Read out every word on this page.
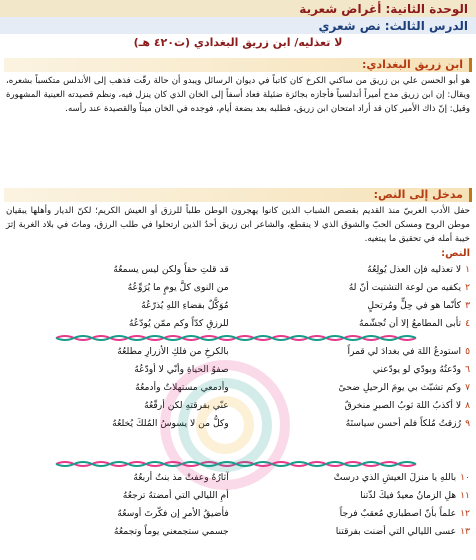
الوحدة الثانية: أغراض شعرية
الدرس الثالث: نص شعري
لا تعذليه/ ابن زريق البغدادي (ت٤٢٠ هـ)
ابن زريق البغدادي:
هو أبو الحسن علي بن زريق من ساكني الكرخ كان كاتباً في ديوان الرسائل ويبدو أن حالة رقّت فذهب إلى الأندلس متكسباً بشعره، ويقال: إن ابن زريق مدح أميراً أندلسياً فأجازه بجائزة ضئيلة فعاد أسفاً إلى الخان الذي كان ينزل فيه، ونظم قصيدته العينية المشهورة وقيل: إنّ ذاك الأمير كان قد أراد امتحان ابن زريق، فطلبه بعد بضعة أيام، فوجده في الخان ميتاً والقصيدة عند رأسه.
مدخل إلى النص:
حفل الأدب العربيّ منذ القديم بقصص الشباب الذين كانوا يهجرون الوطن طلباً للرزق أو العيش الكريم؛ لكنّ الديار وأهلها يبقيان موطن الروح ومسكن الحبّ والشوق الذي لا ينقطع، والشاعر ابن زريق أحدُ الذين ارتحلوا في طلب الرزق، وماتَ في بلاد الغربة إثرَ خيبة أمله في تحقيق ما يبتغيه.
النص:
١
لا تعذليه فإن العذل يُولِعُهُ
قد قلتِ حقاً ولكن ليس يسمعُهُ
٢
يكفيه من لوعة التشتيت أنّ لهُ
من النوى كلَّ يومٍ ما يُرَوِّعُهُ
٣
كأنّما هو في حِلٍّ ومُرتحلٍ
مُوَكَّلٌ بفضاءِ اللهِ يُذرّعُهُ
٤
تأبى المطامعُ إلا أن تُجشّمهُ
للرزقِ كدّاً وكم ممّن يُودّعُهُ
٥
استودعُ اللهَ في بغدادَ لي قمراً
بالكرخِ من فلكِ الأزرارِ مطلعُهُ
٦
ودّعتُهُ وبودّي لو يودّعني
صفوُ الحياةِ وأنّي لا أودّعُهُ
٧
وكم تشبّث بي يومَ الرحيلِ ضحىً
وأدمعي مستهلاتٌ وأدمعُهُ
٨
لا أكذبُ اللهَ ثوبُ الصبرِ منخرقٌ
عنّي بفرقتهِ لكن أرقّعُهُ
٩
رُزقتُ مُلكاً فلم أحسن سياستَهُ
وكلُّ من لا يسوسُ المُلكَ يُخلعُهُ
١٠
باللهِ يا منزلَ العيشِ الذي درستْ
آثارُهُ وعفتْ مذ بنتُ أربعُهُ
١١
هلِ الزمانُ معيدٌ فيكَ لذّتنا
أمِ الليالي التي أمضتهُ ترجعُهُ
١٢
علماً بأنّ اصطباري مُعقبٌ فرجاً
فأضيقُ الأمرِ إن فكّرتَ أوسعُهُ
١٣
عسى الليالي التي أضنت بفرقتنا
جسمي ستجمعني يوماً وتجمعُهُ
